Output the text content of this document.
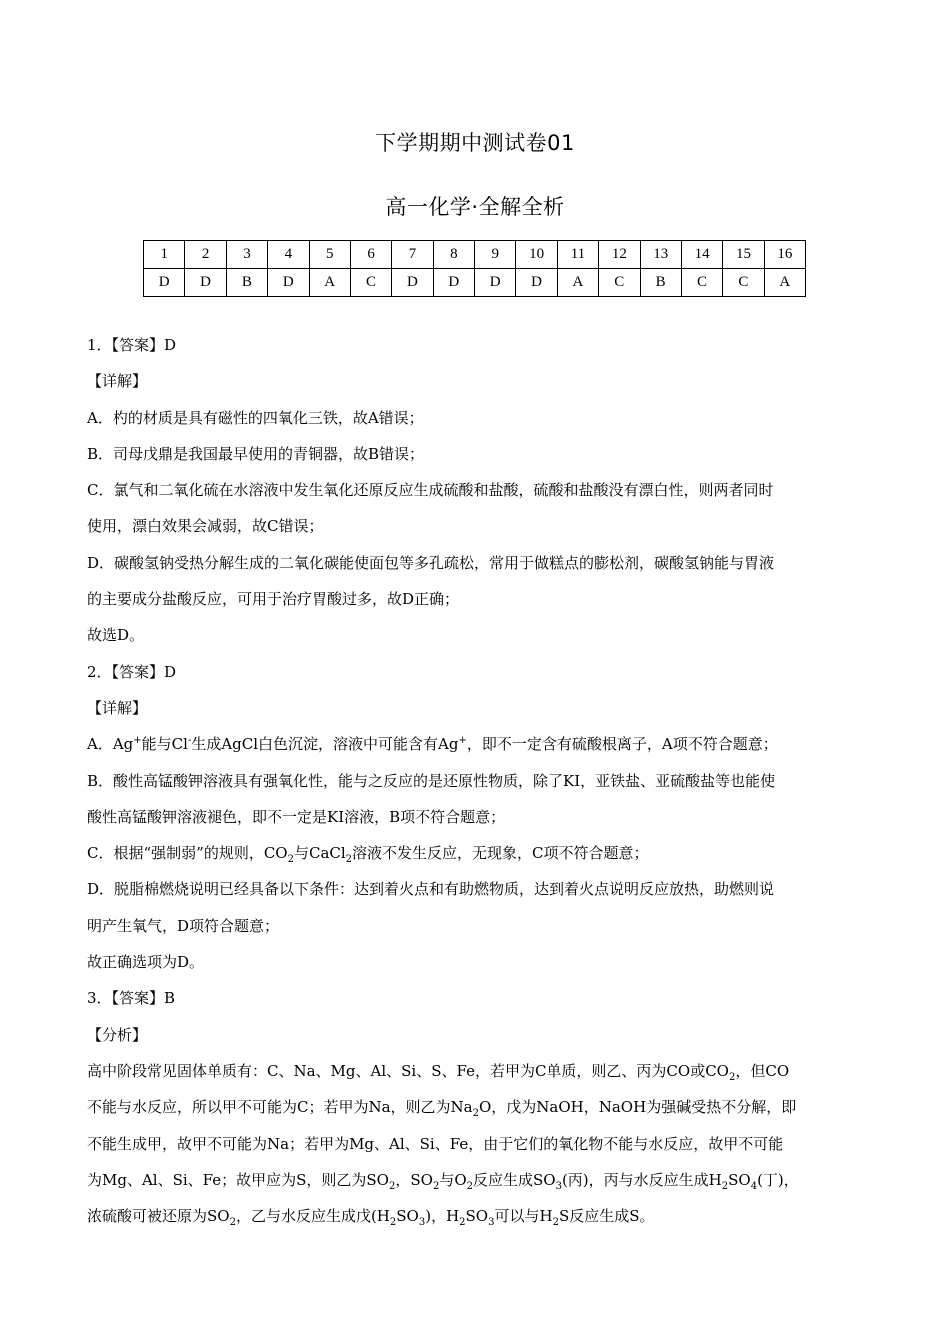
下学期期中测试卷01
高一化学·全解全析
1	2	3	4	5	6	7	8	9	10	11	12	13	14	15	16
D	D	B	D	A	C	D	D	D	D	A	C	B	C	C	A

1．【答案】D

【详解】

A．杓的材质是具有磁性的四氧化三铁，故A错误；

B．司母戊鼎是我国最早使用的青铜器，故B错误；

C．氯气和二氧化硫在水溶液中发生氧化还原反应生成硫酸和盐酸，硫酸和盐酸没有漂白性，则两者同时

使用，漂白效果会减弱，故C错误；

D．碳酸氢钠受热分解生成的二氧化碳能使面包等多孔疏松，常用于做糕点的膨松剂，碳酸氢钠能与胃液

的主要成分盐酸反应，可用于治疗胃酸过多，故D正确；

故选D。

2．【答案】D

【详解】

A．Ag+能与Cl-生成AgCl白色沉淀，溶液中可能含有Ag+，即不一定含有硫酸根离子，A项不符合题意；

B．酸性高锰酸钾溶液具有强氧化性，能与之反应的是还原性物质，除了KI，亚铁盐、亚硫酸盐等也能使

酸性高锰酸钾溶液褪色，即不一定是KI溶液，B项不符合题意；

C．根据“强制弱”的规则，$CO_2$与CaCl$_2$溶液不发生反应，无现象，C项不符合题意；

D．脱脂棉燃烧说明已经具备以下条件：达到着火点和有助燃物质，达到着火点说明反应放热，助燃则说

明产生氧气，D项符合题意；

故正确选项为D。

3．【答案】B

【分析】

高中阶段常见固体单质有：C、Na、Mg、Al、Si、S、Fe，若甲为C单质，则乙、丙为CO或$CO_2$，但CO

不能与水反应，所以甲不可能为C；若甲为Na，则乙为$Na_2O$，戊为NaOH，NaOH为强碱受热不分解，即

不能生成甲，故甲不可能为Na；若甲为Mg、Al、Si、Fe，由于它们的氧化物不能与水反应，故甲不可能

为Mg、Al、Si、Fe；故甲应为S，则乙为$SO_2$，$SO_2$与$O_2$反应生成$SO_3$(丙)，丙与水反应生成$H_2SO_4$(丁)，

浓硫酸可被还原为$SO_2$，乙与水反应生成戊$(H_2SO_3)$，$H_2SO_3$可以与$H_2S$反应生成S。
